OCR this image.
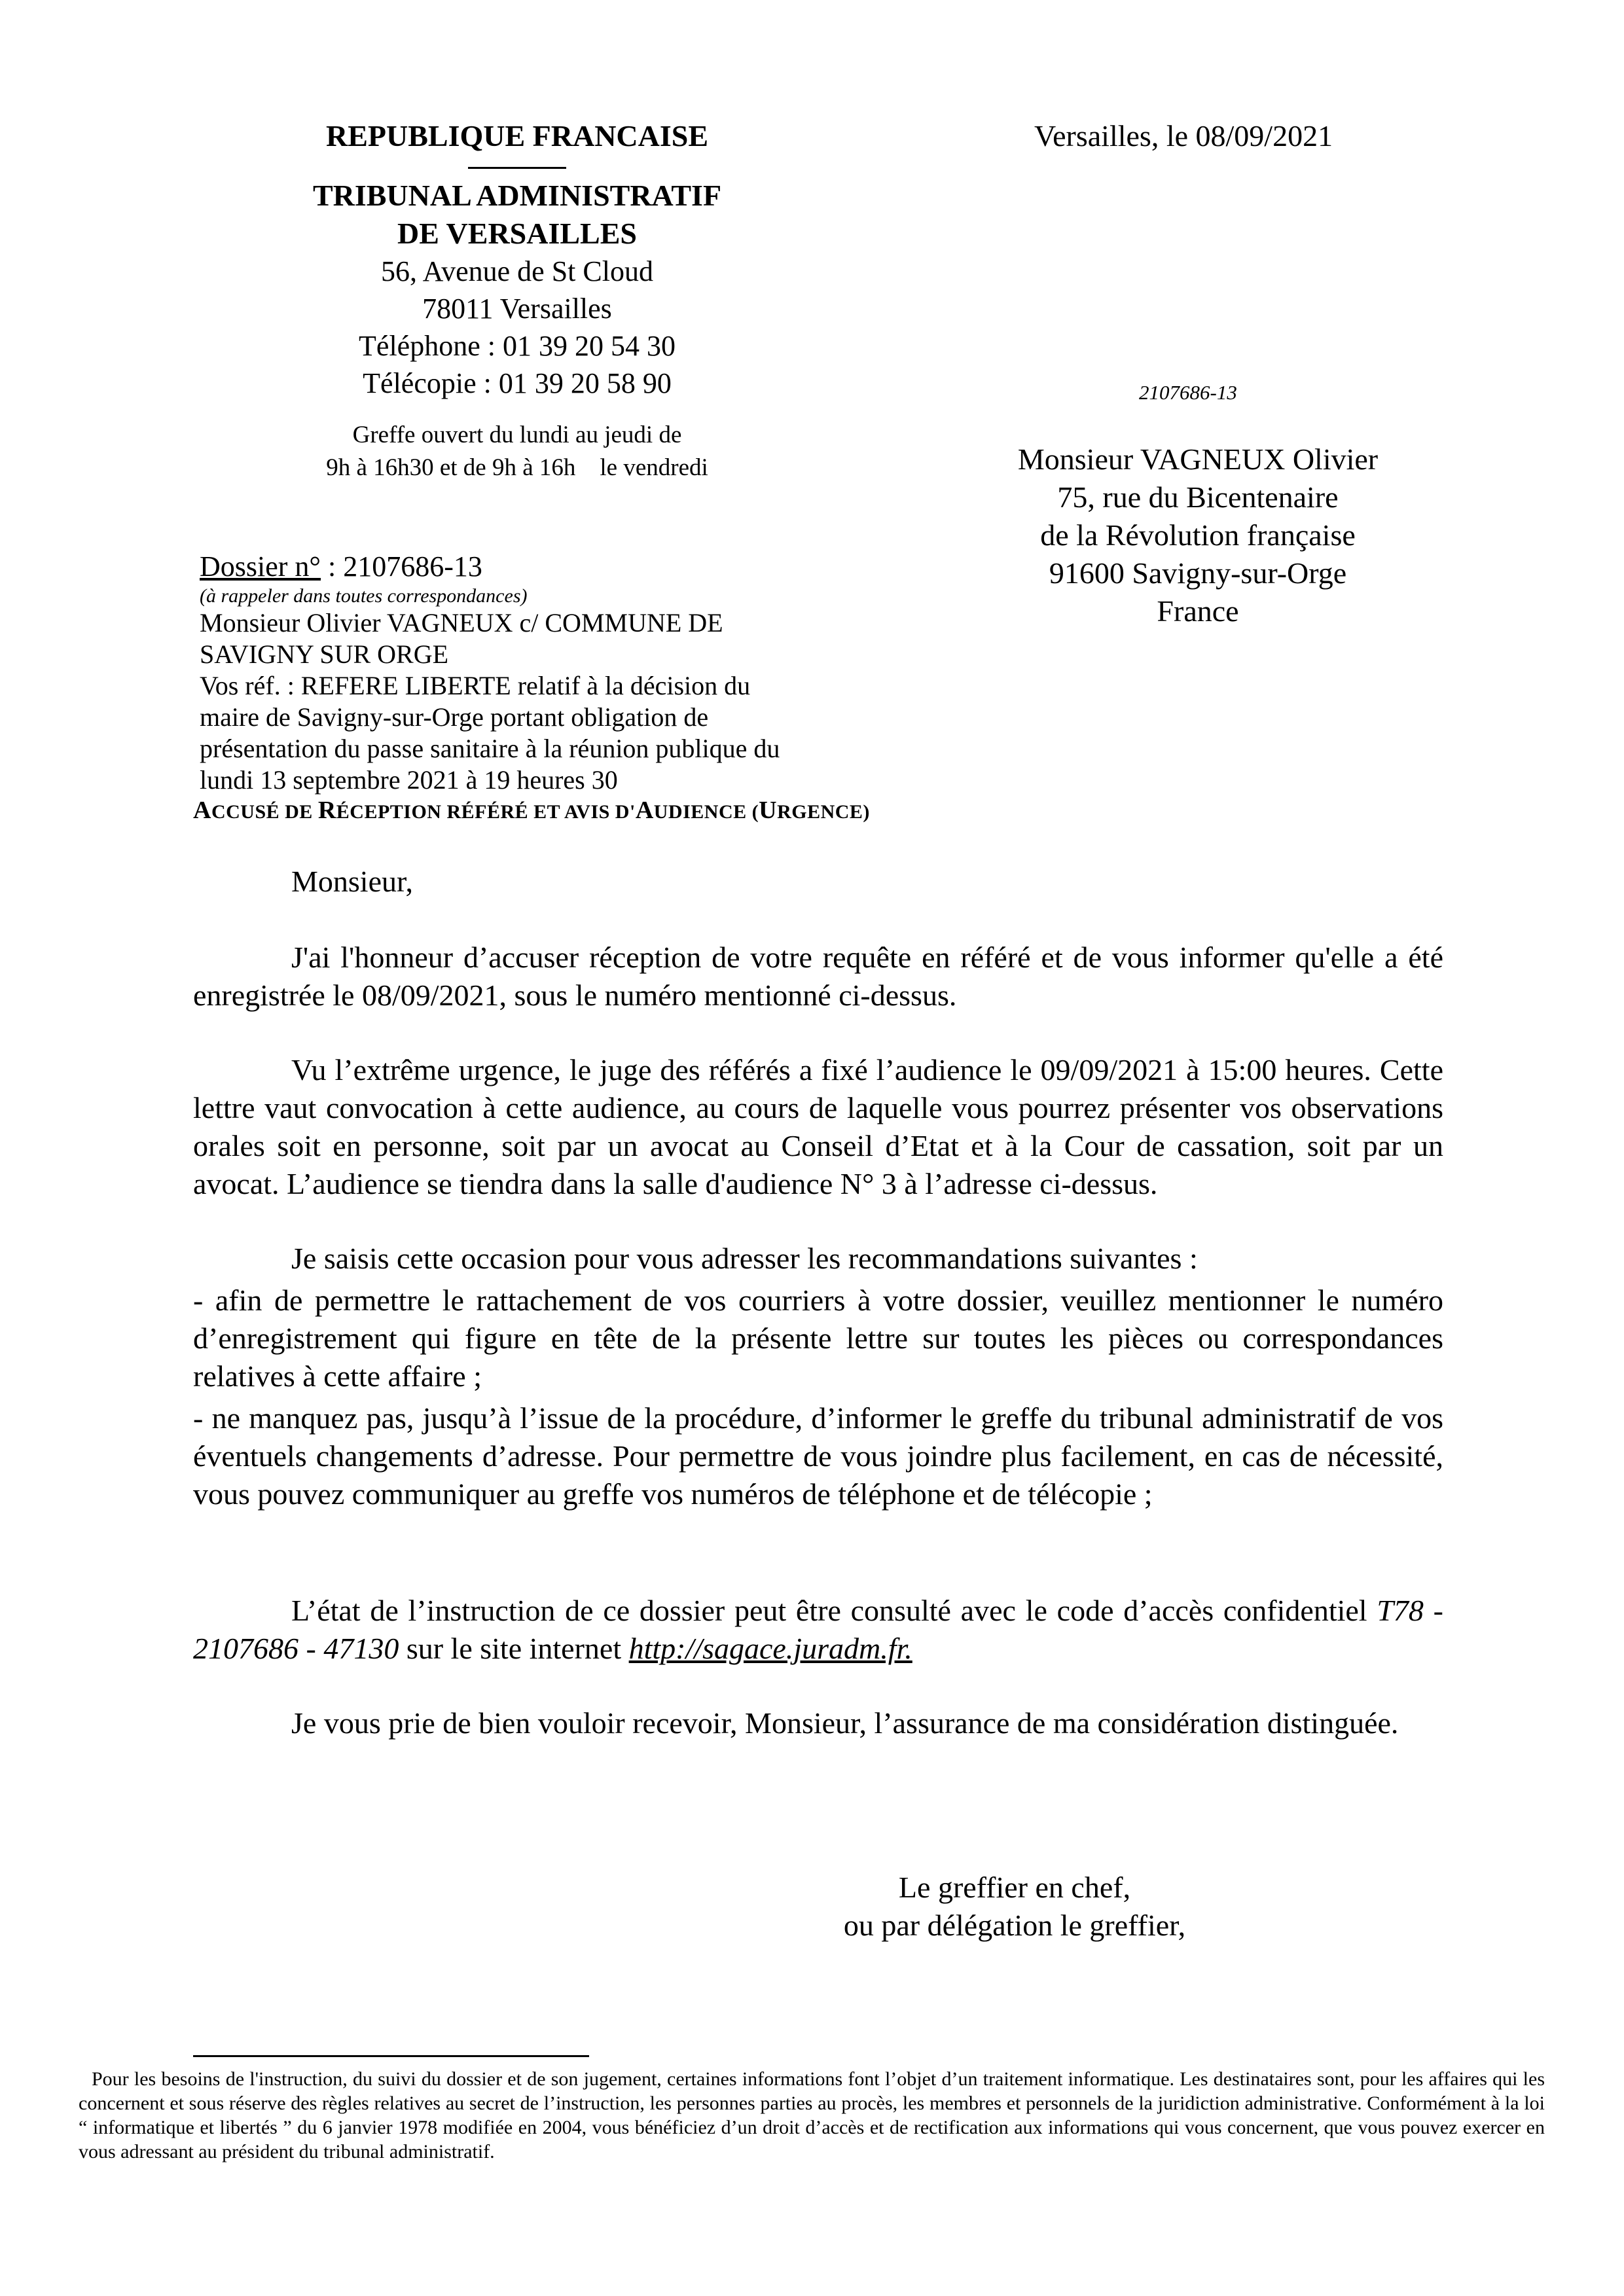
REPUBLIQUE FRANCAISE
TRIBUNAL ADMINISTRATIF
DE VERSAILLES
56, Avenue de St Cloud
78011 Versailles
Téléphone : 01 39 20 54 30
Télécopie : 01 39 20 58 90
Greffe ouvert du lundi au jeudi de
9h à 16h30 et de 9h à 16h    le vendredi
Versailles, le 08/09/2021
2107686-13
Monsieur VAGNEUX Olivier
75, rue du Bicentenaire
de la Révolution française
91600 Savigny-sur-Orge
France
Dossier n° : 2107686-13
(à rappeler dans toutes correspondances)
Monsieur Olivier VAGNEUX c/ COMMUNE DE
SAVIGNY SUR ORGE
Vos réf. : REFERE LIBERTE relatif à la décision du
maire de Savigny-sur-Orge portant obligation de
présentation du passe sanitaire à la réunion publique du
lundi 13 septembre 2021 à 19 heures 30
ACCUSÉ DE RÉCEPTION RÉFÉRÉ ET AVIS D'AUDIENCE (URGENCE)

Monsieur,

J'ai l'honneur d’accuser réception de votre requête en référé et de vous informer qu'elle a été enregistrée le 08/09/2021, sous le numéro mentionné ci-dessus.

Vu l’extrême urgence, le juge des référés a fixé l’audience le 09/09/2021 à 15:00 heures. Cette lettre vaut convocation à cette audience, au cours de laquelle vous pourrez présenter vos observations orales soit en personne, soit par un avocat au Conseil d’Etat et à la Cour de cassation, soit par un avocat. L’audience se tiendra dans la salle d'audience N° 3 à l’adresse ci-dessus.

Je saisis cette occasion pour vous adresser les recommandations suivantes :

- afin de permettre le rattachement de vos courriers à votre dossier, veuillez mentionner le numéro d’enregistrement qui figure en tête de la présente lettre sur toutes les pièces ou correspondances relatives à cette affaire ;

- ne manquez pas, jusqu’à l’issue de la procédure, d’informer le greffe du tribunal administratif de vos éventuels changements d’adresse. Pour permettre de vous joindre plus facilement, en cas de nécessité, vous pouvez communiquer au greffe vos numéros de téléphone et de télécopie ;

L’état de l’instruction de ce dossier peut être consulté avec le code d’accès confidentiel T78 - 2107686 - 47130 sur le site internet http://sagace.juradm.fr.

Je vous prie de bien vouloir recevoir, Monsieur, l’assurance de ma considération distinguée.

Le greffier en chef,
ou par délégation le greffier,
Pour les besoins de l'instruction, du suivi du dossier et de son jugement, certaines informations font l’objet d’un traitement informatique. Les destinataires sont, pour les affaires qui les concernent et sous réserve des règles relatives au secret de l’instruction, les personnes parties au procès, les membres et personnels de la juridiction administrative. Conformément à la loi “ informatique et libertés ” du 6 janvier 1978 modifiée en 2004, vous bénéficiez d’un droit d’accès et de rectification aux informations qui vous concernent, que vous pouvez exercer en vous adressant au président du tribunal administratif.
